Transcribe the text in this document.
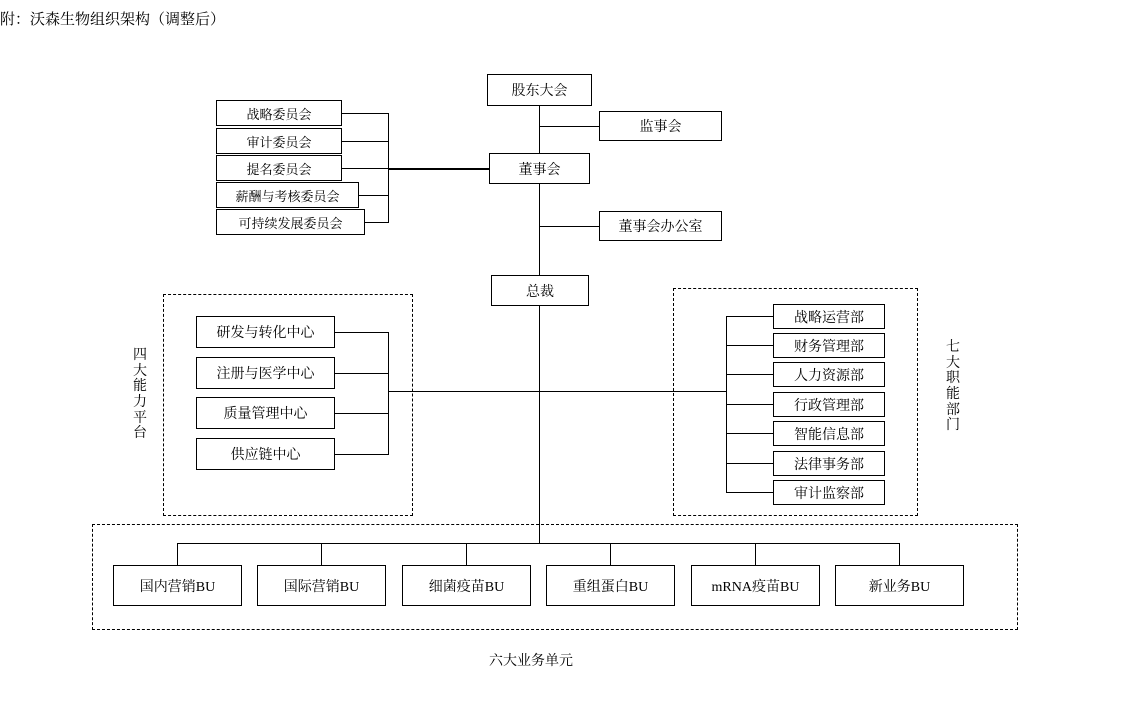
附：沃森生物组织架构（调整后）
股东大会
监事会
董事会
董事会办公室
总裁
战略委员会
审计委员会
提名委员会
薪酬与考核委员会
可持续发展委员会
四大能力平台
研发与转化中心
注册与医学中心
质量管理中心
供应链中心
七大职能部门
战略运营部
财务管理部
人力资源部
行政管理部
智能信息部
法律事务部
审计监察部
国内营销BU	国际营销BU	细菌疫苗BU	重组蛋白BU	mRNA疫苗BU	新业务BU
六大业务单元
